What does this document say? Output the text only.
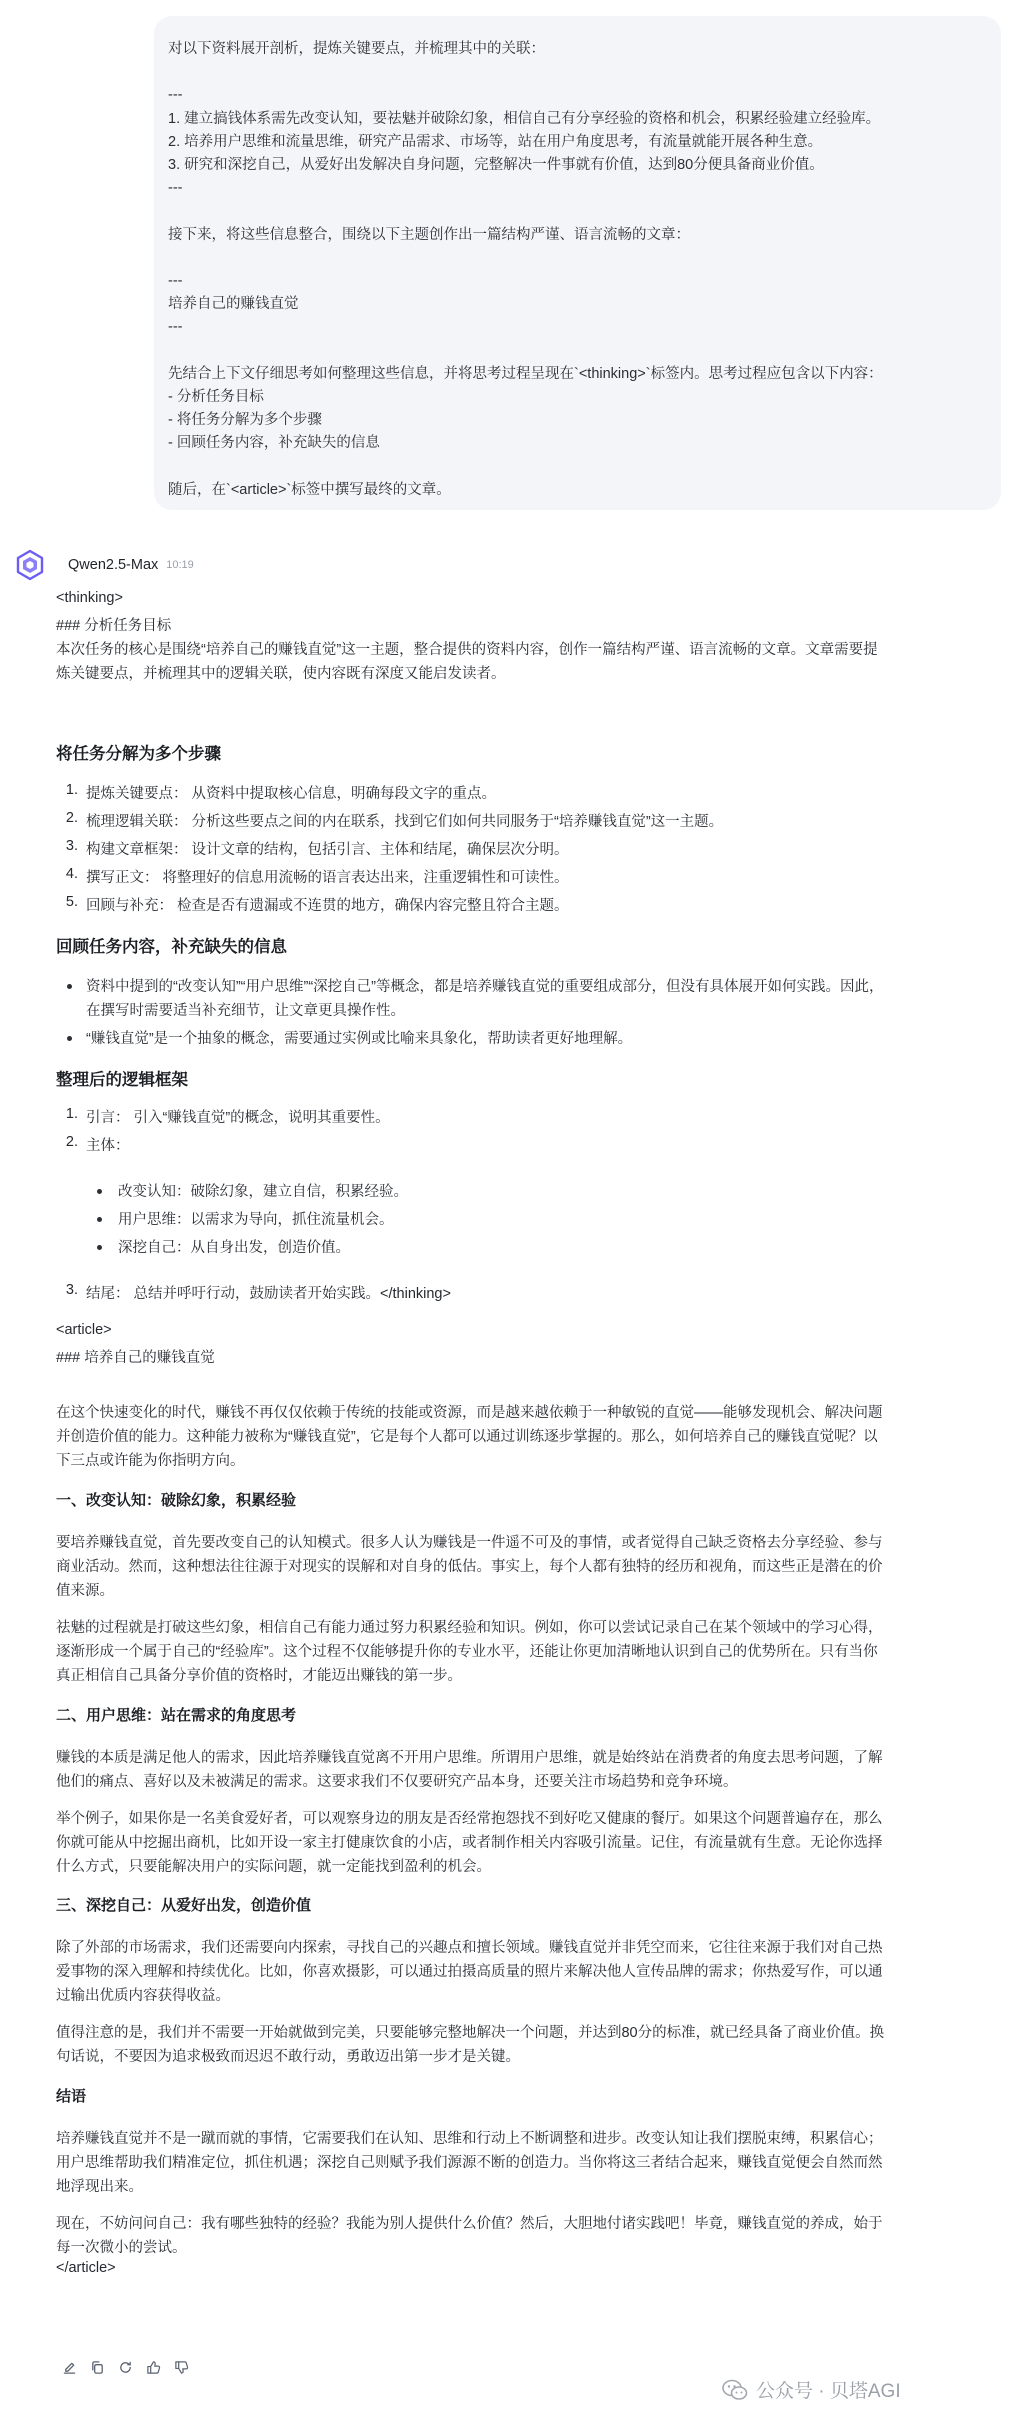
对以下资料展开剖析，提炼关键要点，并梳理其中的关联：
---
1. 建立搞钱体系需先改变认知，要祛魅并破除幻象，相信自己有分享经验的资格和机会，积累经验建立经验库。
2. 培养用户思维和流量思维，研究产品需求、市场等，站在用户角度思考，有流量就能开展各种生意。
3. 研究和深挖自己，从爱好出发解决自身问题，完整解决一件事就有价值，达到80分便具备商业价值。
---
接下来，将这些信息整合，围绕以下主题创作出一篇结构严谨、语言流畅的文章：
---
培养自己的赚钱直觉
---
先结合上下文仔细思考如何整理这些信息，并将思考过程呈现在`<thinking>`标签内。思考过程应包含以下内容：
- 分析任务目标
- 将任务分解为多个步骤
- 回顾任务内容，补充缺失的信息
随后，在`<article>`标签中撰写最终的文章。
Qwen2.5-Max 10:19
<thinking>
### 分析任务目标
本次任务的核心是围绕“培养自己的赚钱直觉”这一主题，整合提供的资料内容，创作一篇结构严谨、语言流畅的文章。文章需要提
炼关键要点，并梳理其中的逻辑关联，使内容既有深度又能启发读者。
将任务分解为多个步骤
1. 提炼关键要点： 从资料中提取核心信息，明确每段文字的重点。
2. 梳理逻辑关联： 分析这些要点之间的内在联系，找到它们如何共同服务于“培养赚钱直觉”这一主题。
3. 构建文章框架： 设计文章的结构，包括引言、主体和结尾，确保层次分明。
4. 撰写正文： 将整理好的信息用流畅的语言表达出来，注重逻辑性和可读性。
5. 回顾与补充： 检查是否有遗漏或不连贯的地方，确保内容完整且符合主题。
回顾任务内容，补充缺失的信息
资料中提到的“改变认知”“用户思维”“深挖自己”等概念，都是培养赚钱直觉的重要组成部分，但没有具体展开如何实践。因此，
在撰写时需要适当补充细节，让文章更具操作性。
“赚钱直觉”是一个抽象的概念，需要通过实例或比喻来具象化，帮助读者更好地理解。
整理后的逻辑框架
1. 引言： 引入“赚钱直觉”的概念，说明其重要性。
2. 主体：
改变认知：破除幻象，建立自信，积累经验。
用户思维：以需求为导向，抓住流量机会。
深挖自己：从自身出发，创造价值。
3. 结尾： 总结并呼吁行动，鼓励读者开始实践。</thinking>
<article>
### 培养自己的赚钱直觉
在这个快速变化的时代，赚钱不再仅仅依赖于传统的技能或资源，而是越来越依赖于一种敏锐的直觉——能够发现机会、解决问题
并创造价值的能力。这种能力被称为“赚钱直觉”，它是每个人都可以通过训练逐步掌握的。那么，如何培养自己的赚钱直觉呢？以
下三点或许能为你指明方向。
一、改变认知：破除幻象，积累经验
要培养赚钱直觉，首先要改变自己的认知模式。很多人认为赚钱是一件遥不可及的事情，或者觉得自己缺乏资格去分享经验、参与
商业活动。然而，这种想法往往源于对现实的误解和对自身的低估。事实上，每个人都有独特的经历和视角，而这些正是潜在的价
值来源。
祛魅的过程就是打破这些幻象，相信自己有能力通过努力积累经验和知识。例如，你可以尝试记录自己在某个领域中的学习心得，
逐渐形成一个属于自己的“经验库”。这个过程不仅能够提升你的专业水平，还能让你更加清晰地认识到自己的优势所在。只有当你
真正相信自己具备分享价值的资格时，才能迈出赚钱的第一步。
二、用户思维：站在需求的角度思考
赚钱的本质是满足他人的需求，因此培养赚钱直觉离不开用户思维。所谓用户思维，就是始终站在消费者的角度去思考问题，了解
他们的痛点、喜好以及未被满足的需求。这要求我们不仅要研究产品本身，还要关注市场趋势和竞争环境。
举个例子，如果你是一名美食爱好者，可以观察身边的朋友是否经常抱怨找不到好吃又健康的餐厅。如果这个问题普遍存在，那么
你就可能从中挖掘出商机，比如开设一家主打健康饮食的小店，或者制作相关内容吸引流量。记住，有流量就有生意。无论你选择
什么方式，只要能解决用户的实际问题，就一定能找到盈利的机会。
三、深挖自己：从爱好出发，创造价值
除了外部的市场需求，我们还需要向内探索，寻找自己的兴趣点和擅长领域。赚钱直觉并非凭空而来，它往往来源于我们对自己热
爱事物的深入理解和持续优化。比如，你喜欢摄影，可以通过拍摄高质量的照片来解决他人宣传品牌的需求；你热爱写作，可以通
过输出优质内容获得收益。
值得注意的是，我们并不需要一开始就做到完美，只要能够完整地解决一个问题，并达到80分的标准，就已经具备了商业价值。换
句话说，不要因为追求极致而迟迟不敢行动，勇敢迈出第一步才是关键。
结语
培养赚钱直觉并不是一蹴而就的事情，它需要我们在认知、思维和行动上不断调整和进步。改变认知让我们摆脱束缚，积累信心；
用户思维帮助我们精准定位，抓住机遇；深挖自己则赋予我们源源不断的创造力。当你将这三者结合起来，赚钱直觉便会自然而然
地浮现出来。
现在，不妨问问自己：我有哪些独特的经验？我能为别人提供什么价值？然后，大胆地付诸实践吧！毕竟，赚钱直觉的养成，始于
每一次微小的尝试。
</article>
公众号 · 贝塔AGI
